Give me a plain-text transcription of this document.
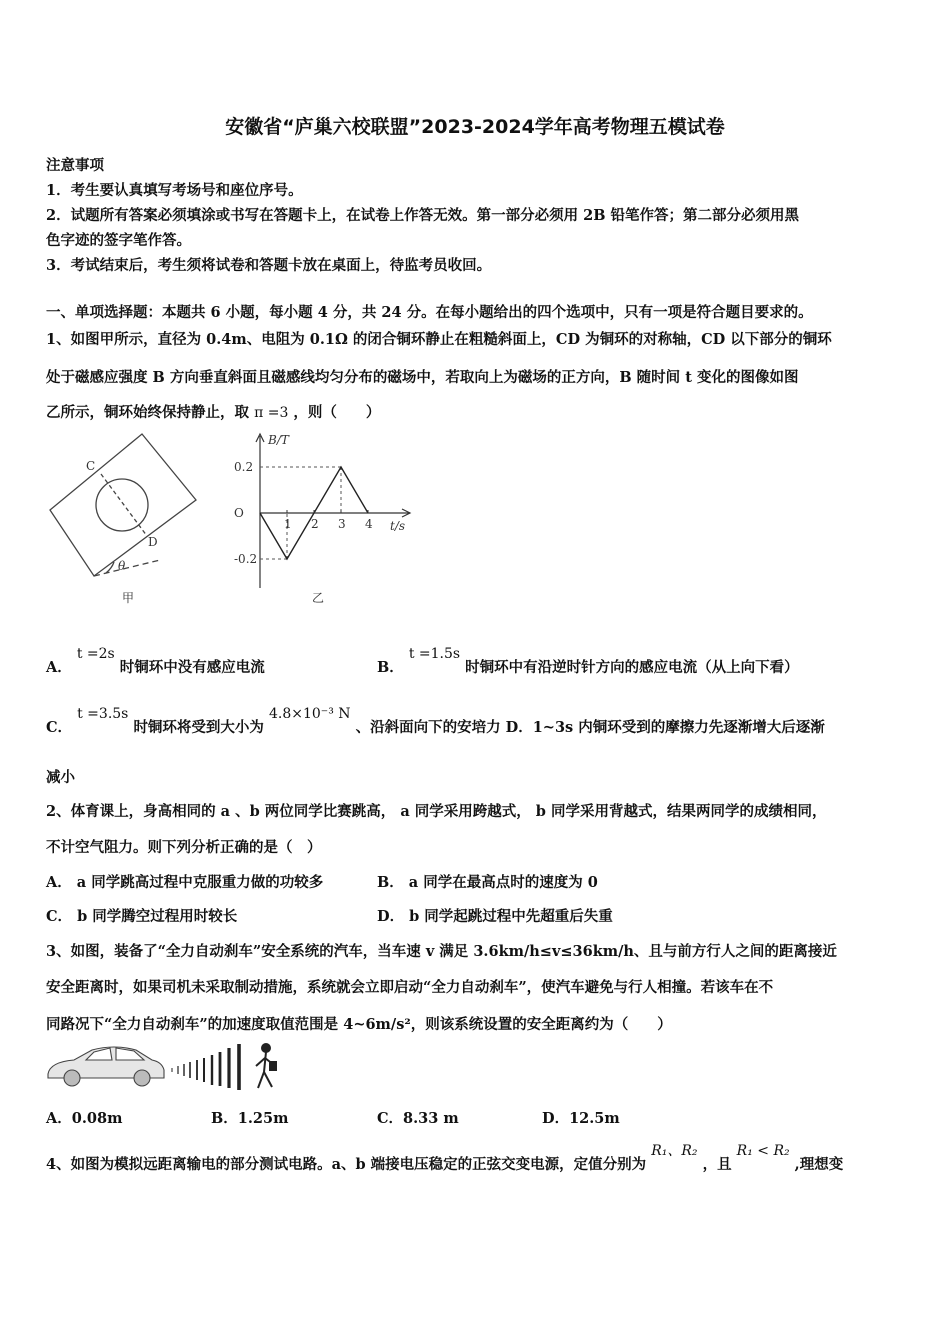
安徽省“庐巢六校联盟”2023-2024学年高考物理五模试卷
注意事项
1．考生要认真填写考场号和座位序号。
2．试题所有答案必须填涂或书写在答题卡上，在试卷上作答无效。第一部分必须用 2B 铅笔作答；第二部分必须用黑
色字迹的签字笔作答。
3．考试结束后，考生须将试卷和答题卡放在桌面上，待监考员收回。
一、单项选择题：本题共 6 小题，每小题 4 分，共 24 分。在每小题给出的四个选项中，只有一项是符合题目要求的。
1、如图甲所示，直径为 0.4m、电阻为 0.1Ω 的闭合铜环静止在粗糙斜面上，CD 为铜环的对称轴，CD 以下部分的铜环
处于磁感应强度 B 方向垂直斜面且磁感线均匀分布的磁场中，若取向上为磁场的正方向，B 随时间 t 变化的图像如图
乙所示，铜环始终保持静止，取 π =3 ，则（　　）
C
D
θ
甲
1 2 3 4
0.2
O
-0.2
B/T
t/s
乙
A． t =2s 时铜环中没有感应电流	B． t =1.5s 时铜环中有沿逆时针方向的感应电流（从上向下看）
C． t =3.5s 时铜环将受到大小为 4.8×10⁻³ N 、沿斜面向下的安培力 D．1~3s 内铜环受到的摩擦力先逐渐增大后逐渐
减小
2、体育课上，身高相同的 a 、b 两位同学比赛跳高， a 同学采用跨越式， b 同学采用背越式，结果两同学的成绩相同，
不计空气阻力。则下列分析正确的是（　）
A． a 同学跳高过程中克服重力做的功较多	B． a 同学在最高点时的速度为 0
C． b 同学腾空过程用时较长	D． b 同学起跳过程中先超重后失重
3、如图，装备了“全力自动刹车”安全系统的汽车，当车速 v 满足 3.6km/h≤v≤36km/h、且与前方行人之间的距离接近
安全距离时，如果司机未采取制动措施，系统就会立即启动“全力自动刹车”，使汽车避免与行人相撞。若该车在不
同路况下“全力自动刹车”的加速度取值范围是 4~6m/s²，则该系统设置的安全距离约为（　　）
A．0.08m	B．1.25m	C．8.33 m	D．12.5m
4、如图为模拟远距离输电的部分测试电路。a、b 端接电压稳定的正弦交变电源，定值分别为 R₁、R₂ ，且 R₁ < R₂ ,理想变
